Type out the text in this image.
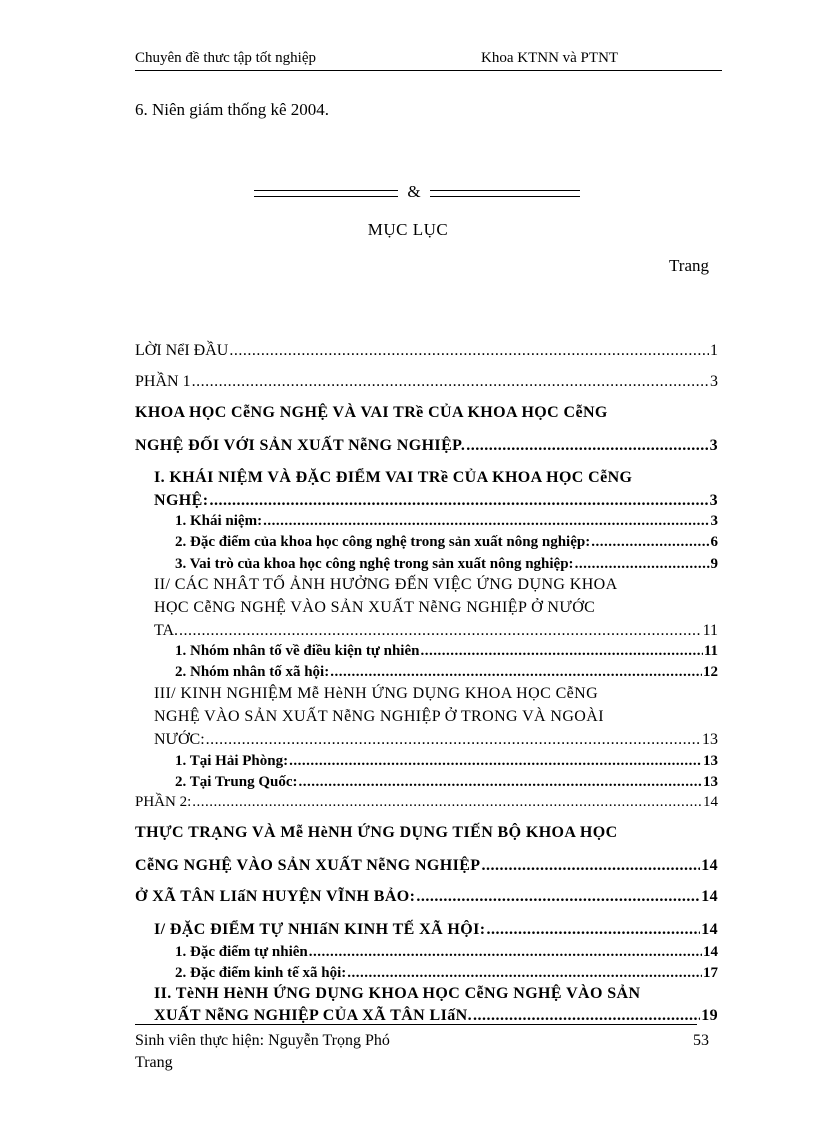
Chuyên đề thưc tập tốt nghiệp	Khoa KTNN và PTNT
6. Niên giám thống kê 2004.
&
MỤC LỤC
Trang
LỜI NểI ĐẦU .....	1
PHẦN 1 .....	3
KHOA HỌC CễNG NGHỆ VÀ VAI TRề CỦA KHOA HỌC CễNG
NGHỆ ĐỐI VỚI SẢN XUẤT NễNG NGHIỆP. .....	3
I. KHÁI NIỆM VÀ ĐẶC ĐIỂM VAI TRề CỦA KHOA HỌC CễNG
NGHỆ: .....	3
1. Khái niệm: .....	3
2. Đặc điểm của khoa học công nghệ trong sản xuất nông nghiệp: .....	6
3. Vai trò của khoa học công nghệ trong sản xuất nông nghiệp: .....	9
II/ CÁC NHÂT TỐ ẢNH HƯỞNG ĐẾN VIỆC ỨNG DỤNG KHOA
HỌC CễNG NGHỆ VÀO SẢN XUẤT NễNG NGHIỆP Ở NƯỚC
TA. .....	11
1. Nhóm nhân tố về điều kiện tự nhiên .....	11
2. Nhóm nhân tố xã hội: .....	12
III/ KINH NGHIỆM Mễ HèNH ỨNG DỤNG KHOA HỌC CễNG
NGHỆ VÀO SẢN XUẤT NễNG NGHIỆP Ở TRONG VÀ NGOÀI
NƯỚC: .....	13
1. Tại Hải Phòng: .....	13
2. Tại Trung Quốc: .....	13
PHẦN 2: .....	14
THỰC TRẠNG VÀ Mễ HèNH ỨNG DỤNG TIẾN BỘ KHOA HỌC
CễNG NGHỆ VÀO SẢN XUẤT NễNG NGHIỆP .....	14
Ở XÃ TÂN LIấN HUYỆN VĨNH BẢO: .....	14
I/ ĐẶC ĐIỂM TỰ NHIấN KINH TẾ XÃ HỘI: .....	14
1. Đặc điểm tự nhiên .....	14
2. Đặc điểm kinh tế xã hội: .....	17
II. TèNH HèNH ỨNG DỤNG KHOA HỌC CễNG NGHỆ VÀO SẢN
XUẤT NễNG NGHIỆP CỦA XÃ TÂN LIấN. .....	19
Sinh viên thực hiện: Nguyễn Trọng Phó	53
Trang
